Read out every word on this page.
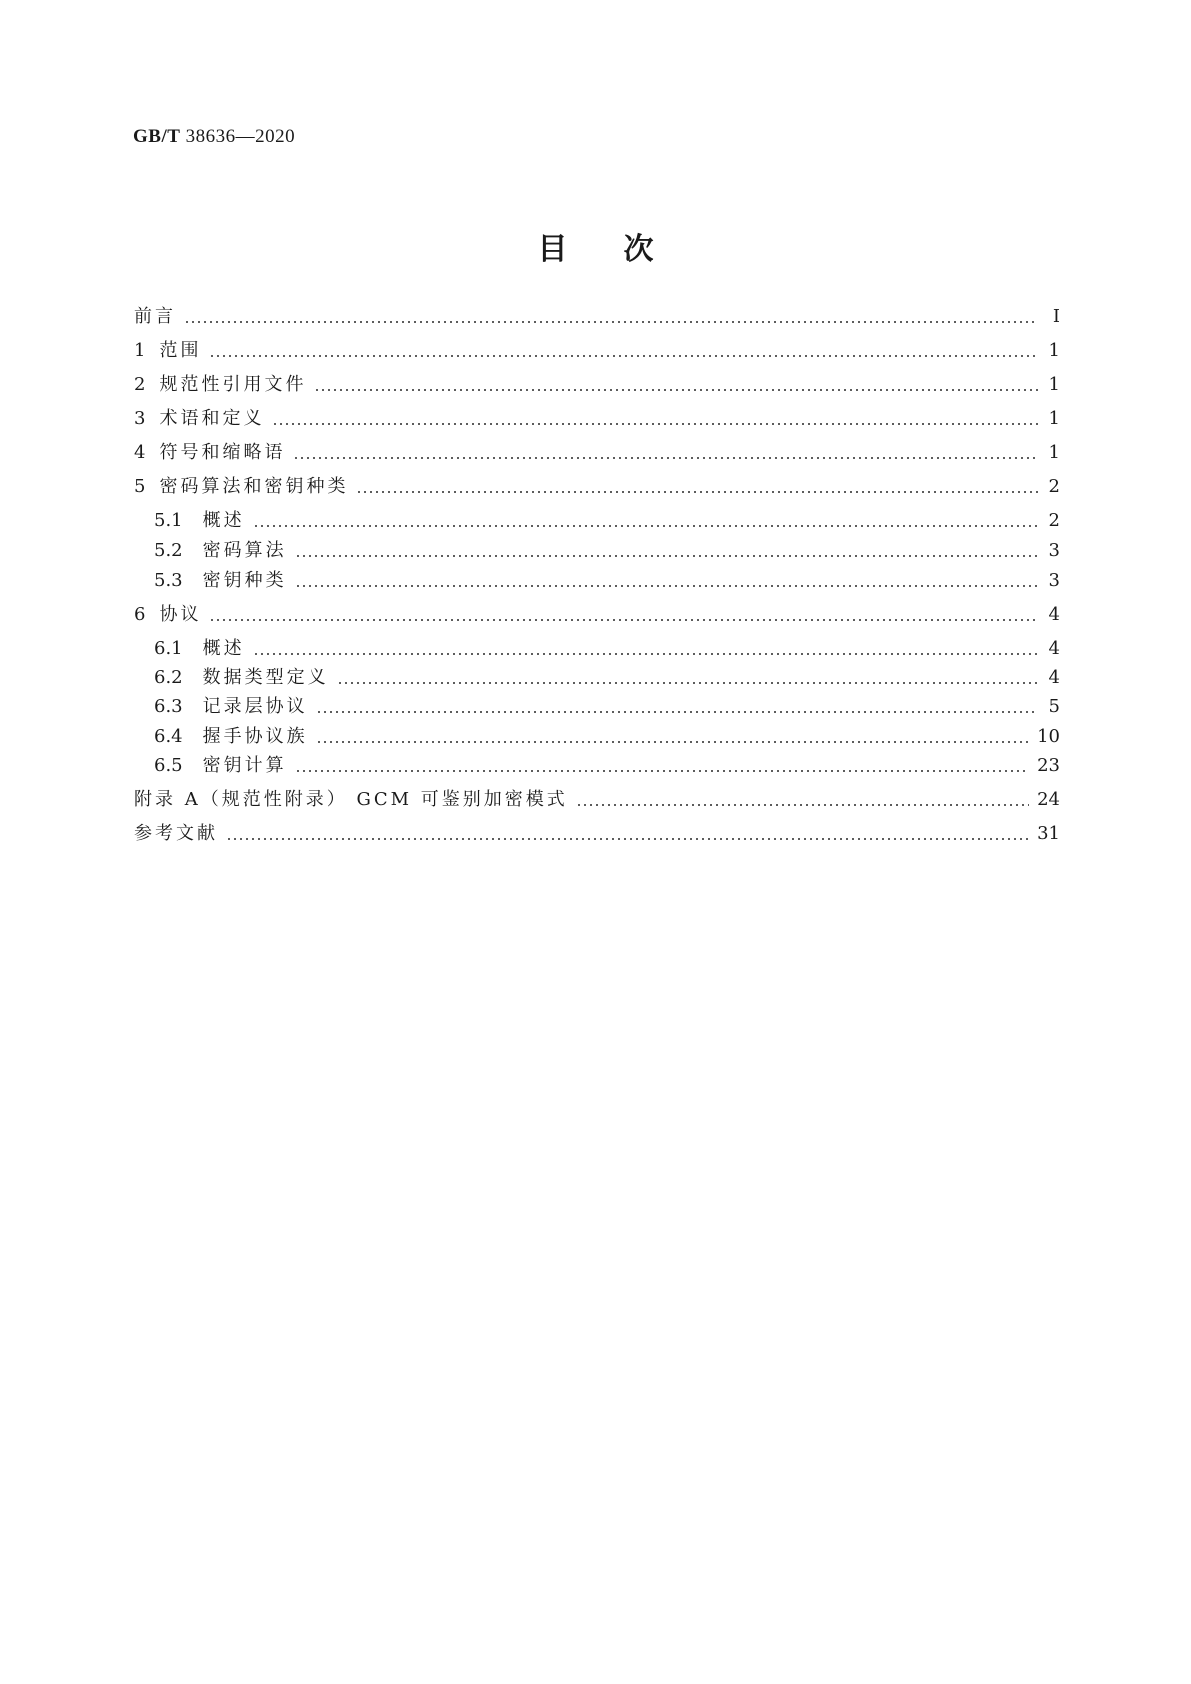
GB/T 38636—2020
目 次
前言	Ⅰ
1 范围	1
2 规范性引用文件	1
3 术语和定义	1
4 符号和缩略语	1
5 密码算法和密钥种类	2
5.1 概述	2
5.2 密码算法	3
5.3 密钥种类	3
6 协议	4
6.1 概述	4
6.2 数据类型定义	4
6.3 记录层协议	5
6.4 握手协议族	10
6.5 密钥计算	23
附录 A（规范性附录） GCM 可鉴别加密模式	24
参考文献	31
